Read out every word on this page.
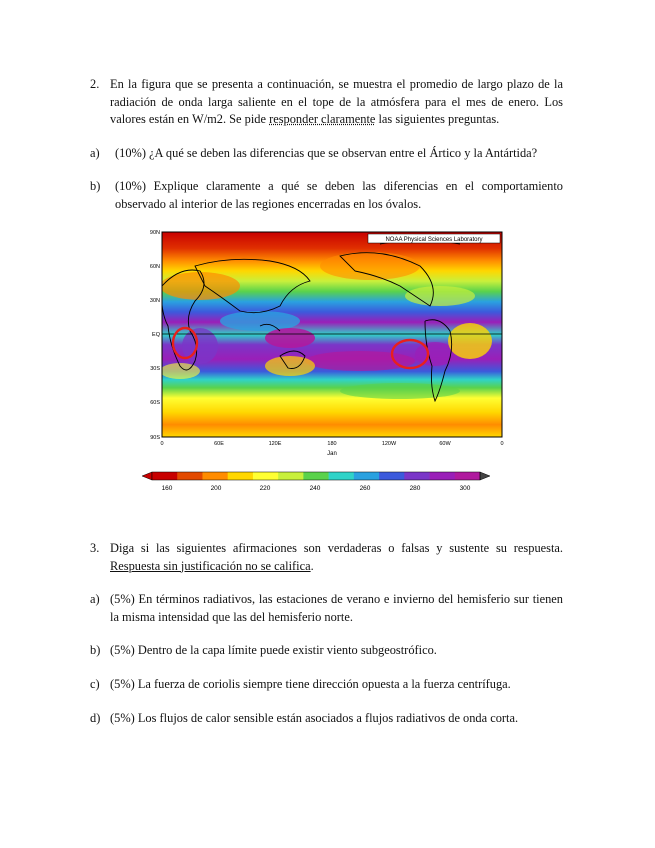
2. En la figura que se presenta a continuación, se muestra el promedio de largo plazo de la radiación de onda larga saliente en el tope de la atmósfera para el mes de enero. Los valores están en W/m2. Se pide responder claramente las siguientes preguntas.
a) (10%) ¿A qué se deben las diferencias que se observan entre el Ártico y la Antártida?
b) (10%) Explique claramente a qué se deben las diferencias en el comportamiento observado al interior de las regiones encerradas en los óvalos.
NOAA Physical Sciences Laboratory
90N
60N
30N
EQ
30S
60S
90S
0	60E	120E	180	120W	60W	0
Jan
160	200	220	240	260	280	300
3. Diga si las siguientes afirmaciones son verdaderas o falsas y sustente su respuesta. Respuesta sin justificación no se califica.
a) (5%) En términos radiativos, las estaciones de verano e invierno del hemisferio sur tienen la misma intensidad que las del hemisferio norte.
b) (5%) Dentro de la capa límite puede existir viento subgeostrófico.
c) (5%) La fuerza de coriolis siempre tiene dirección opuesta a la fuerza centrífuga.
d) (5%) Los flujos de calor sensible están asociados a flujos radiativos de onda corta.
